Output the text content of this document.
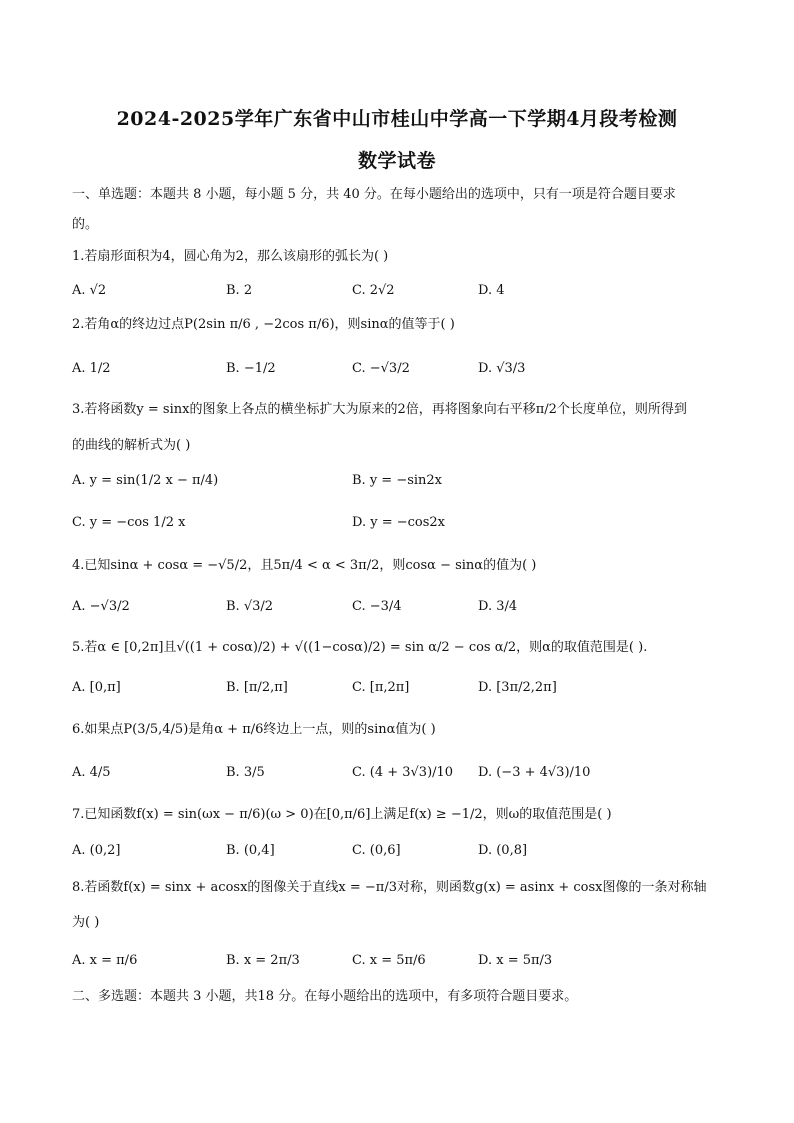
2024-2025学年广东省中山市桂山中学高一下学期4月段考检测
数学试卷
一、单选题：本题共 8 小题，每小题 5 分，共 40 分。在每小题给出的选项中，只有一项是符合题目要求
的。
1.若扇形面积为4，圆心角为2，那么该扇形的弧长为( )
A. √2	B. 2	C. 2√2	D. 4
2.若角α的终边过点P(2sin π/6 , −2cos π/6)，则sinα的值等于( )
A. 1/2	B. −1/2	C. −√3/2	D. √3/3
3.若将函数y = sinx的图象上各点的横坐标扩大为原来的2倍，再将图象向右平移π/2个长度单位，则所得到
的曲线的解析式为( )
A. y = sin(1/2 x − π/4)	B. y = −sin2x
C. y = −cos 1/2 x	D. y = −cos2x
4.已知sinα + cosα = −√5/2，且5π/4 < α < 3π/2，则cosα − sinα的值为( )
A. −√3/2	B. √3/2	C. −3/4	D. 3/4
5.若α ∈ [0,2π]且√((1 + cosα)/2) + √((1−cosα)/2) = sin α/2 − cos α/2，则α的取值范围是( ).
A. [0,π]	B. [π/2,π]	C. [π,2π]	D. [3π/2,2π]
6.如果点P(3/5,4/5)是角α + π/6终边上一点，则的sinα值为( )
A. 4/5	B. 3/5	C. (4 + 3√3)/10 D. (−3 + 4√3)/10
7.已知函数f(x) = sin(ωx − π/6)(ω > 0)在[0,π/6]上满足f(x) ≥ −1/2，则ω的取值范围是( )
A. (0,2]	B. (0,4]	C. (0,6]	D. (0,8]
8.若函数f(x) = sinx + acosx的图像关于直线x = −π/3对称，则函数g(x) = asinx + cosx图像的一条对称轴
为( )
A. x = π/6	B. x = 2π/3	C. x = 5π/6	D. x = 5π/3
二、多选题：本题共 3 小题，共18 分。在每小题给出的选项中，有多项符合题目要求。
